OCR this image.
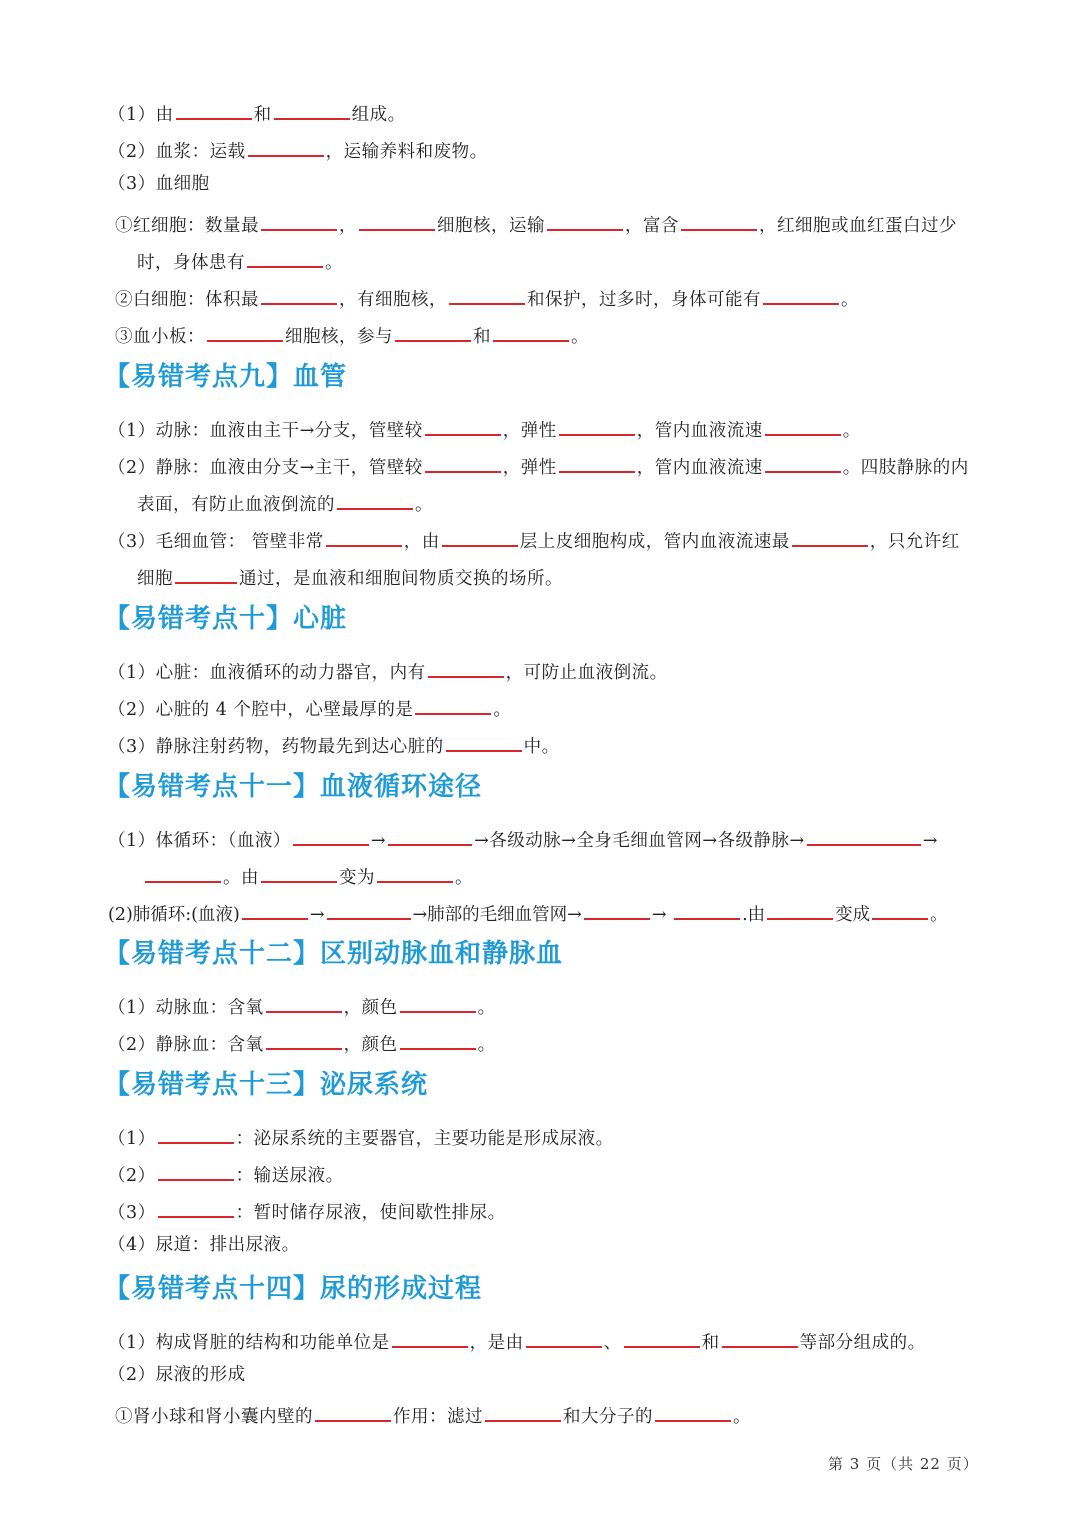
（1）由	和	组成。
（2）血浆：运载	，运输养料和废物。
（3）血细胞
①红细胞：数量最	，	细胞核，运输	，富含	，红细胞或血红蛋白过少
时，身体患有	。
②白细胞：体积最	，有细胞核，	和保护，过多时，身体可能有	。
③血小板：	细胞核，参与	和	。
【易错考点九】血管
（1）动脉：血液由主干→分支，管壁较	，弹性	，管内血液流速	。
（2）静脉：血液由分支→主干，管壁较	，弹性	，管内血液流速	。四肢静脉的内
表面，有防止血液倒流的	。
（3）毛细血管： 管壁非常	，由	层上皮细胞构成，管内血液流速最	，只允许红
细胞	通过，是血液和细胞间物质交换的场所。
【易错考点十】心脏
（1）心脏：血液循环的动力器官，内有	，可防止血液倒流。
（2）心脏的 4 个腔中，心壁最厚的是	。
（3）静脉注射药物，药物最先到达心脏的	中。
【易错考点十一】血液循环途径
（1）体循环：（血液）	→	→各级动脉→全身毛细血管网→各级静脉→	→
。由	变为	。
(2)肺循环:(血液)	→	→肺部的毛细血管网→	→	.由	变成	。
【易错考点十二】区别动脉血和静脉血
（1）动脉血：含氧	，颜色	。
（2）静脉血：含氧	，颜色	。
【易错考点十三】泌尿系统
（1）	：泌尿系统的主要器官，主要功能是形成尿液。
（2）	：输送尿液。
（3）	：暂时储存尿液，使间歇性排尿。
（4）尿道：排出尿液。
【易错考点十四】尿的形成过程
（1）构成肾脏的结构和功能单位是	，是由	、	和	等部分组成的。
（2）尿液的形成
①肾小球和肾小囊内壁的	作用：滤过	和大分子的	。
第 3 页（共 22 页）
